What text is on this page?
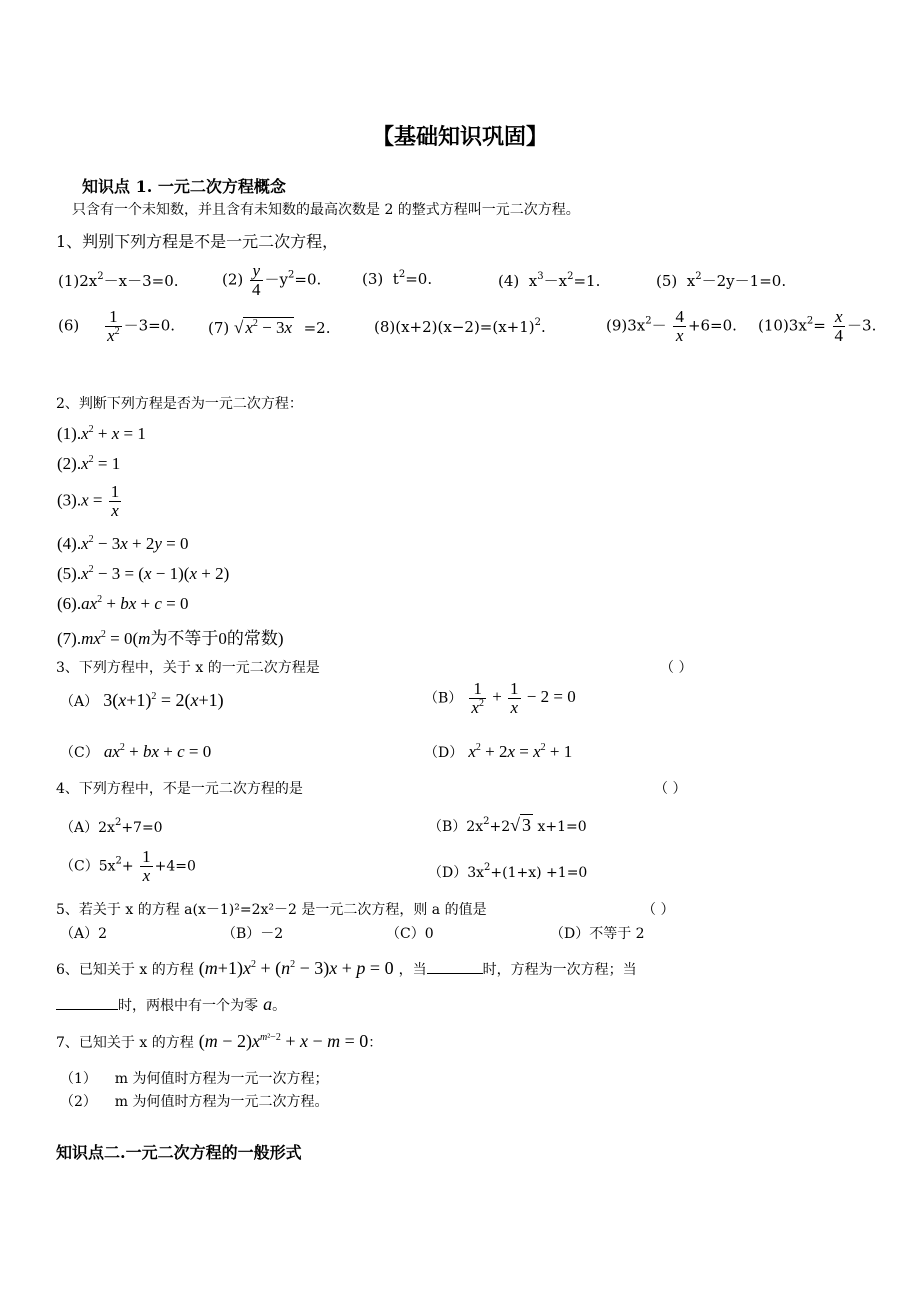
【基础知识巩固】
知识点 1. 一元二次方程概念
只含有一个未知数，并且含有未知数的最高次数是 2 的整式方程叫一元二次方程。
1、判别下列方程是不是一元二次方程，
$(1)2x^2-x-3=0$.	$(2) \frac{y}{4} -y^2=0$.	(3) $t^2=0$.	(4) $x^3-x^2=1$.	(5) $x^2-2y-1=0$.
$(6) \frac{1}{x^2} -3=0$. (7) √ $x^2 - 3x =2$.	$(8)(x+2)(x-2)=(x+1)^2$.	$(9)3x^2- \frac{4}{x} +6=0$. $(10)3x^2= \frac{x}{4} -3$.
2、判断下列方程是否为一元二次方程：
$(1).x^2 + x = 1$
$(2).x^2 = 1$
$(3).x = \frac{1}{x}$
$(4).x^2 - 3x + 2y = 0$
$(5).x^2 - 3 = (x - 1)(x + 2)$
$(6).ax^2$ + bx + c = 0
$(7).mx^2 = 0(m$为不等于0的常数)
3、下列方程中，关于 x 的一元二次方程是	（ ）
（A） $3(x+1)^2 = 2(x+1)$	$(B) \frac{1}{x^2} + \frac{1}{x} - 2 = 0$
（C） $ax^2$ + bx + c = 0	（D） $x^2 + 2x = x^2 + 1$
4、下列方程中，不是一元二次方程的是	（ ）
$(A)2x^2+7=0$	$(B)2x^2+2√$ 3 x+1=0
$(C)5x^2+ \frac{1}{x} +4=0$	$(D)3x^2+(1+x) +1=0$
5、若关于 x 的方程 a(x－1)²=2x²－2 是一元二次方程，则 a 的值是	（ ）
（A）2	（B）－2	（C）0	（D）不等于 2
6、已知关于 x 的方程 $(m+1)x^2 + (n^2 - 3)x + p = 0$ ，当	时，方程为一次方程；当
时，两根中有一个为零 a。
7、已知关于 x 的方程 $(m - 2)x^{m^2-2} + x - m = 0$：
（1） m 为何值时方程为一元一次方程；
（2） m 为何值时方程为一元二次方程。
知识点二.一元二次方程的一般形式
